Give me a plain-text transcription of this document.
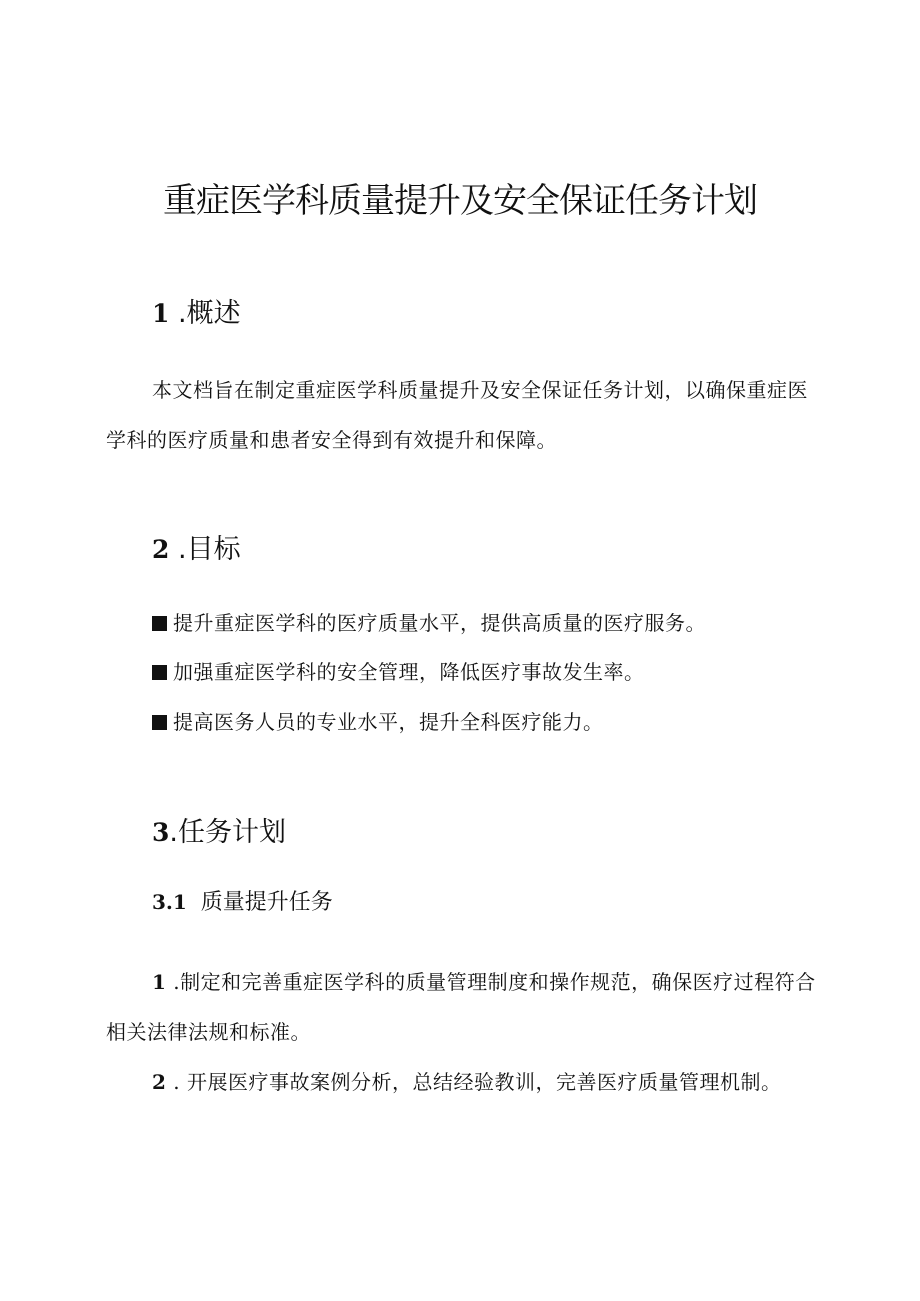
重症医学科质量提升及安全保证任务计划
1 .概述
本文档旨在制定重症医学科质量提升及安全保证任务计划，以确保重症医学科的医疗质量和患者安全得到有效提升和保障。
2 .目标
提升重症医学科的医疗质量水平，提供高质量的医疗服务。
加强重症医学科的安全管理，降低医疗事故发生率。
提高医务人员的专业水平，提升全科医疗能力。
3.任务计划
3.1 质量提升任务
1 .制定和完善重症医学科的质量管理制度和操作规范，确保医疗过程符合相关法律法规和标准。
2 . 开展医疗事故案例分析，总结经验教训，完善医疗质量管理机制。
